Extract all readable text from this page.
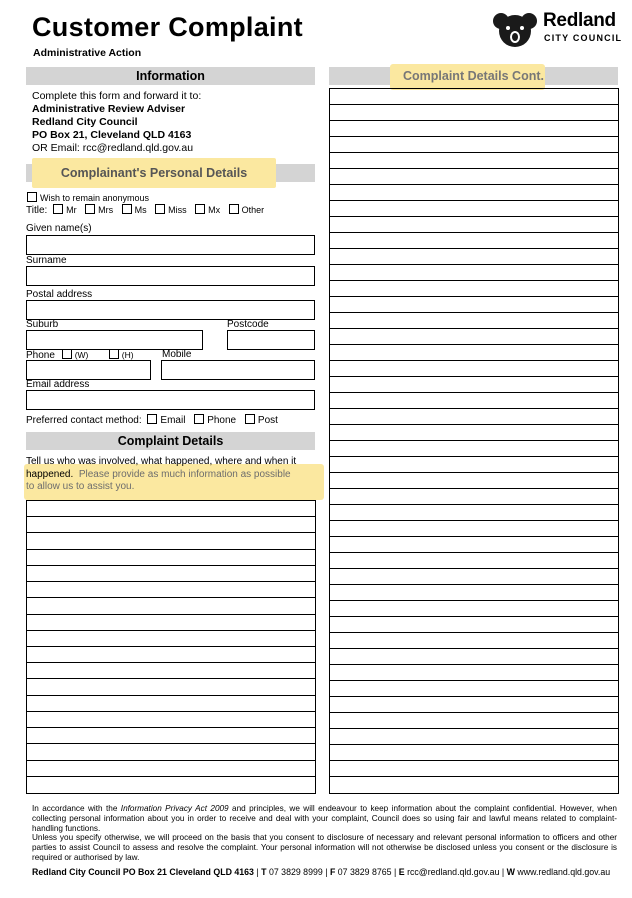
Customer Complaint
Administrative Action
Redland
CITY COUNCIL
Information
Complete this form and forward it to:
Administrative Review Adviser
Redland City Council
PO Box 21, Cleveland QLD 4163
OR Email: rcc@redland.qld.gov.au
Complainant's Personal Details
Wish to remain anonymous
Title: Mr Mrs Ms Miss Mx Other
Given name(s)
Surname
Postal address
Suburb	Postcode
Phone (W)	(H)	Mobile
Email address
Preferred contact method: Email Phone Post
Complaint Details
Tell us who was involved, what happened, where and when it
happened. Please provide as much information as possible
to allow us to assist you.
Complaint Details Cont.
In accordance with the Information Privacy Act 2009 and principles, we will endeavour to keep information about the complaint confidential. However, when collecting personal information about you in order to receive and deal with your complaint, Council does so using fair and lawful means related to complaint-handling functions.
Unless you specify otherwise, we will proceed on the basis that you consent to disclosure of necessary and relevant personal information to officers and other parties to assist Council to assess and resolve the complaint. Your personal information will not otherwise be disclosed unless you consent or the disclosure is required or authorised by law.
Redland City Council PO Box 21 Cleveland QLD 4163 | T 07 3829 8999 | F 07 3829 8765 | E rcc@redland.qld.gov.au | W www.redland.qld.gov.au
